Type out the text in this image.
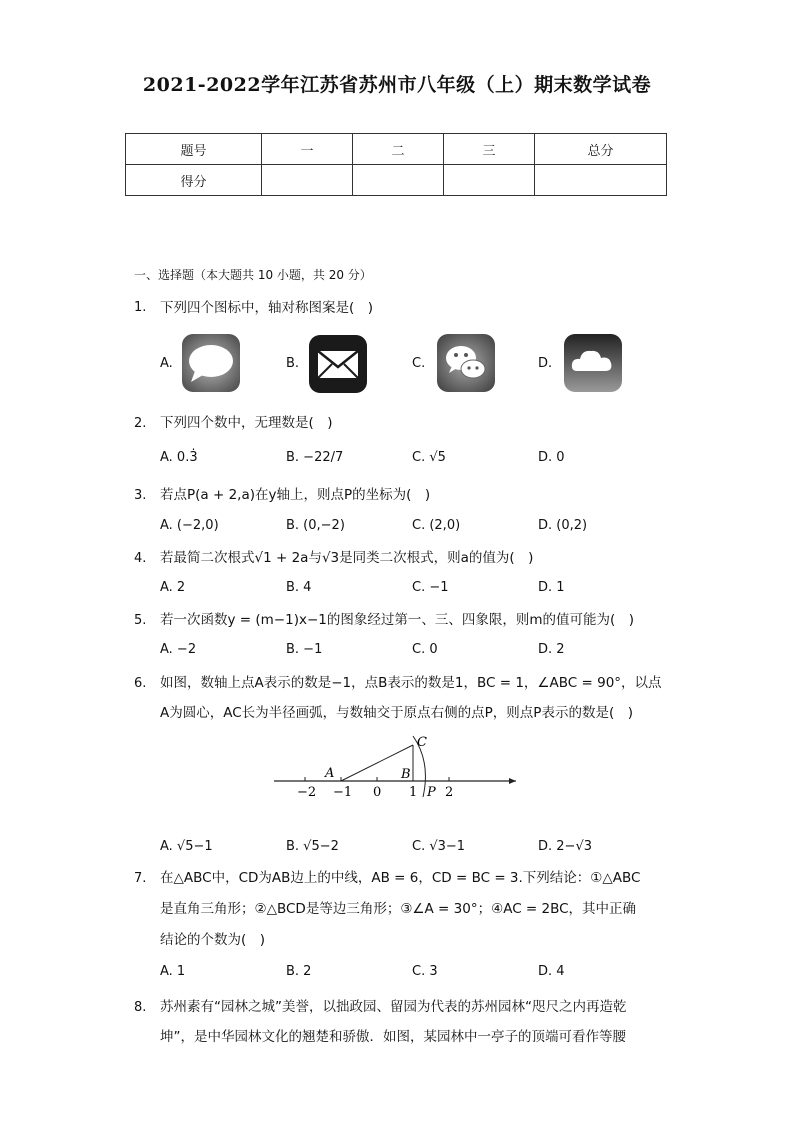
2021-2022学年江苏省苏州市八年级（上）期末数学试卷
题号	一	二	三	总分
得分				
一、选择题（本大题共 10 小题，共 20 分）
1. 下列四个图标中，轴对称图案是(　)
A.	B.	C.	D.
2. 下列四个数中，无理数是(　)
A. 0.3̇	B. −22/7	C. √5	D. 0
3. 若点P(a + 2,a)在y轴上，则点P的坐标为(　)
A. (−2,0)	B. (0,−2)	C. (2,0)	D. (0,2)
4. 若最简二次根式√1 + 2a与√3是同类二次根式，则a的值为(　)
A. 2	B. 4	C. −1	D. 1
5. 若一次函数y = (m−1)x−1的图象经过第一、三、四象限，则m的值可能为(　)
A. −2	B. −1	C. 0	D. 2
6. 如图，数轴上点A表示的数是−1，点B表示的数是1，BC = 1，∠ABC = 90°，以点
A为圆心，AC长为半径画弧，与数轴交于原点右侧的点P，则点P表示的数是(　)
A	B
C
P
−2 −1 0 1 2
A. √5−1	B. √5−2	C. √3−1	D. 2−√3
7. 在△ABC中，CD为AB边上的中线，AB = 6，CD = BC = 3.下列结论：①△ABC
是直角三角形；②△BCD是等边三角形；③∠A = 30°；④AC = 2BC，其中正确
结论的个数为(　)
A. 1	B. 2	C. 3	D. 4
8. 苏州素有“园林之城”美誉，以拙政园、留园为代表的苏州园林“咫尺之内再造乾
坤”，是中华园林文化的翘楚和骄傲．如图，某园林中一亭子的顶端可看作等腰
